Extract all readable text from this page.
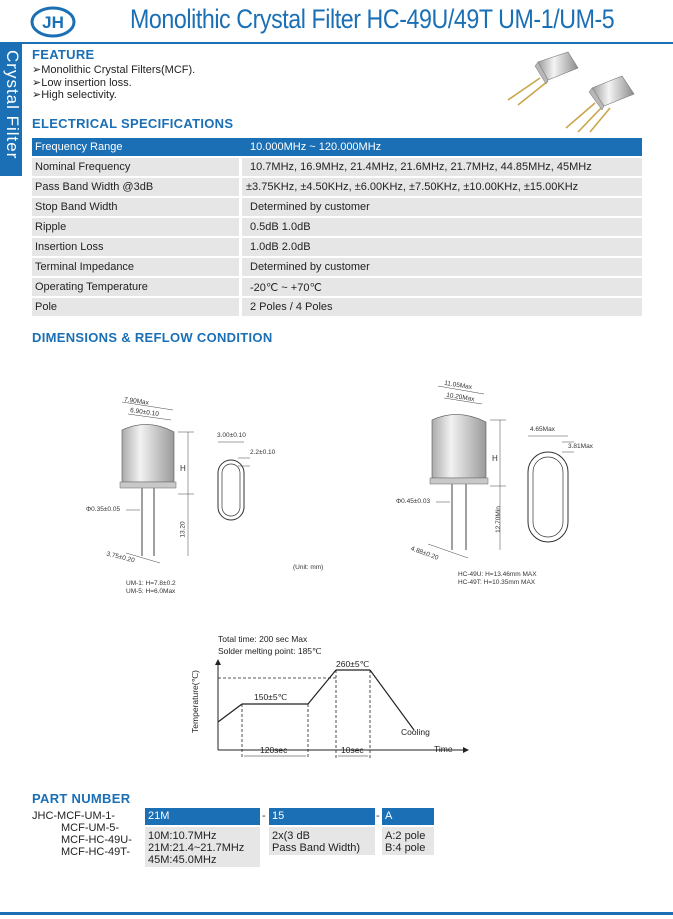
JH Monolithic Crystal Filter HC-49U/49T UM-1/UM-5
Crystal Filter FEATURE
➢Monolithic Crystal Filters(MCF).
➢Low insertion loss.
➢High selectivity.
ELECTRICAL SPECIFICATIONS
Frequency Range		10.000MHz ~ 120.000MHz
Nominal Frequency		10.7MHz, 16.9MHz, 21.4MHz, 21.6MHz, 21.7MHz, 44.85MHz, 45MHz
Pass Band Width @3dB		±3.75KHz, ±4.50KHz, ±6.00KHz, ±7.50KHz, ±10.00KHz, ±15.00KHz
Stop Band Width		Determined by customer
Ripple		0.5dB 1.0dB
Insertion Loss		1.0dB 2.0dB
Terminal Impedance		Determined by customer
Operating Temperature		-20℃ ~ +70℃
Pole		2 Poles / 4 Poles
DIMENSIONS & REFLOW CONDITION
7.90Max
6.90±0.10
H
13.20
Φ0.35±0.05
3.75±0.20
3.00±0.10
2.2±0.10
UM-1: H=7.8±0.2
UM-5: H=6.0Max
(Unit: mm)
11.05Max
10.20Max
H
12.70Min
Φ0.45±0.03
4.88±0.20
4.65Max
3.81Max
HC-49U: H=13.46mm MAX
HC-49T: H=10.35mm MAX
Total time: 200 sec Max
Solder melting point: 185℃
Temperature(℃)
Time
260±5℃
150±5℃
120sec	10sec
Cooling
PART NUMBER
JHC-MCF-UM-1-
MCF-UM-5-
MCF-HC-49U-
MCF-HC-49T-
21M
10M:10.7MHz
21M:21.4~21.7MHz
45M:45.0MHz
- 15
2x(3 dB
Pass Band Width)
- A
A:2 pole
B:4 pole
